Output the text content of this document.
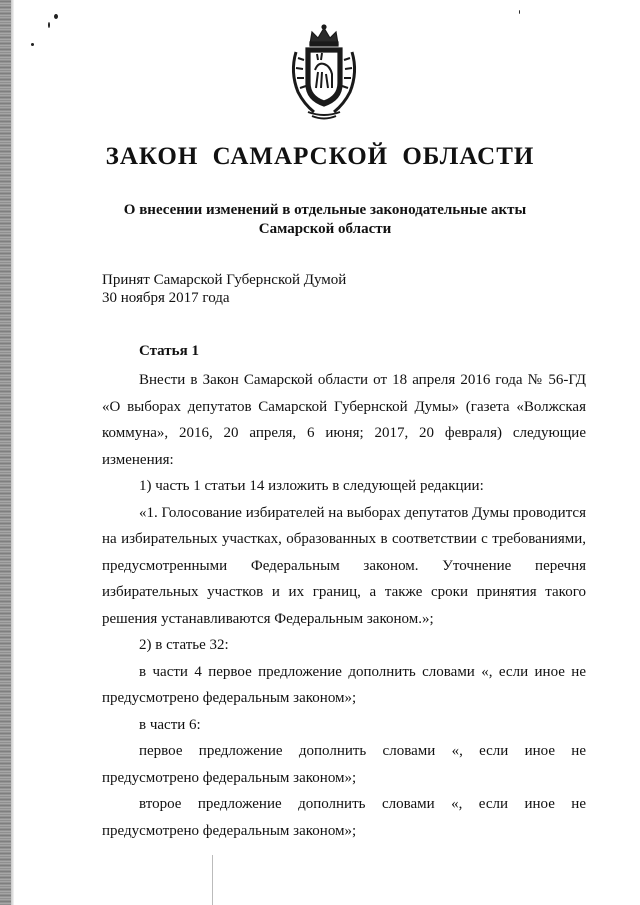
ЗАКОН САМАРСКОЙ ОБЛАСТИ
О внесении изменений в отдельные законодательные акты
Самарской области
Принят Самарской Губернской Думой
30 ноября 2017 года
Статья 1

Внести в Закон Самарской области от 18 апреля 2016 года № 56-ГД «О выборах депутатов Самарской Губернской Думы» (газета «Волжская коммуна», 2016, 20 апреля, 6 июня; 2017, 20 февраля) следующие изменения:

1) часть 1 статьи 14 изложить в следующей редакции:

«1. Голосование избирателей на выборах депутатов Думы проводится на избирательных участках, образованных в соответствии с требованиями, предусмотренными Федеральным законом. Уточнение перечня избирательных участков и их границ, а также сроки принятия такого решения устанавливаются Федеральным законом.»;

2) в статье 32:

в части 4 первое предложение дополнить словами «, если иное не предусмотрено федеральным законом»;

в части 6:

первое предложение дополнить словами «, если иное не предусмотрено федеральным законом»;

второе предложение дополнить словами «, если иное не предусмотрено федеральным законом»;
